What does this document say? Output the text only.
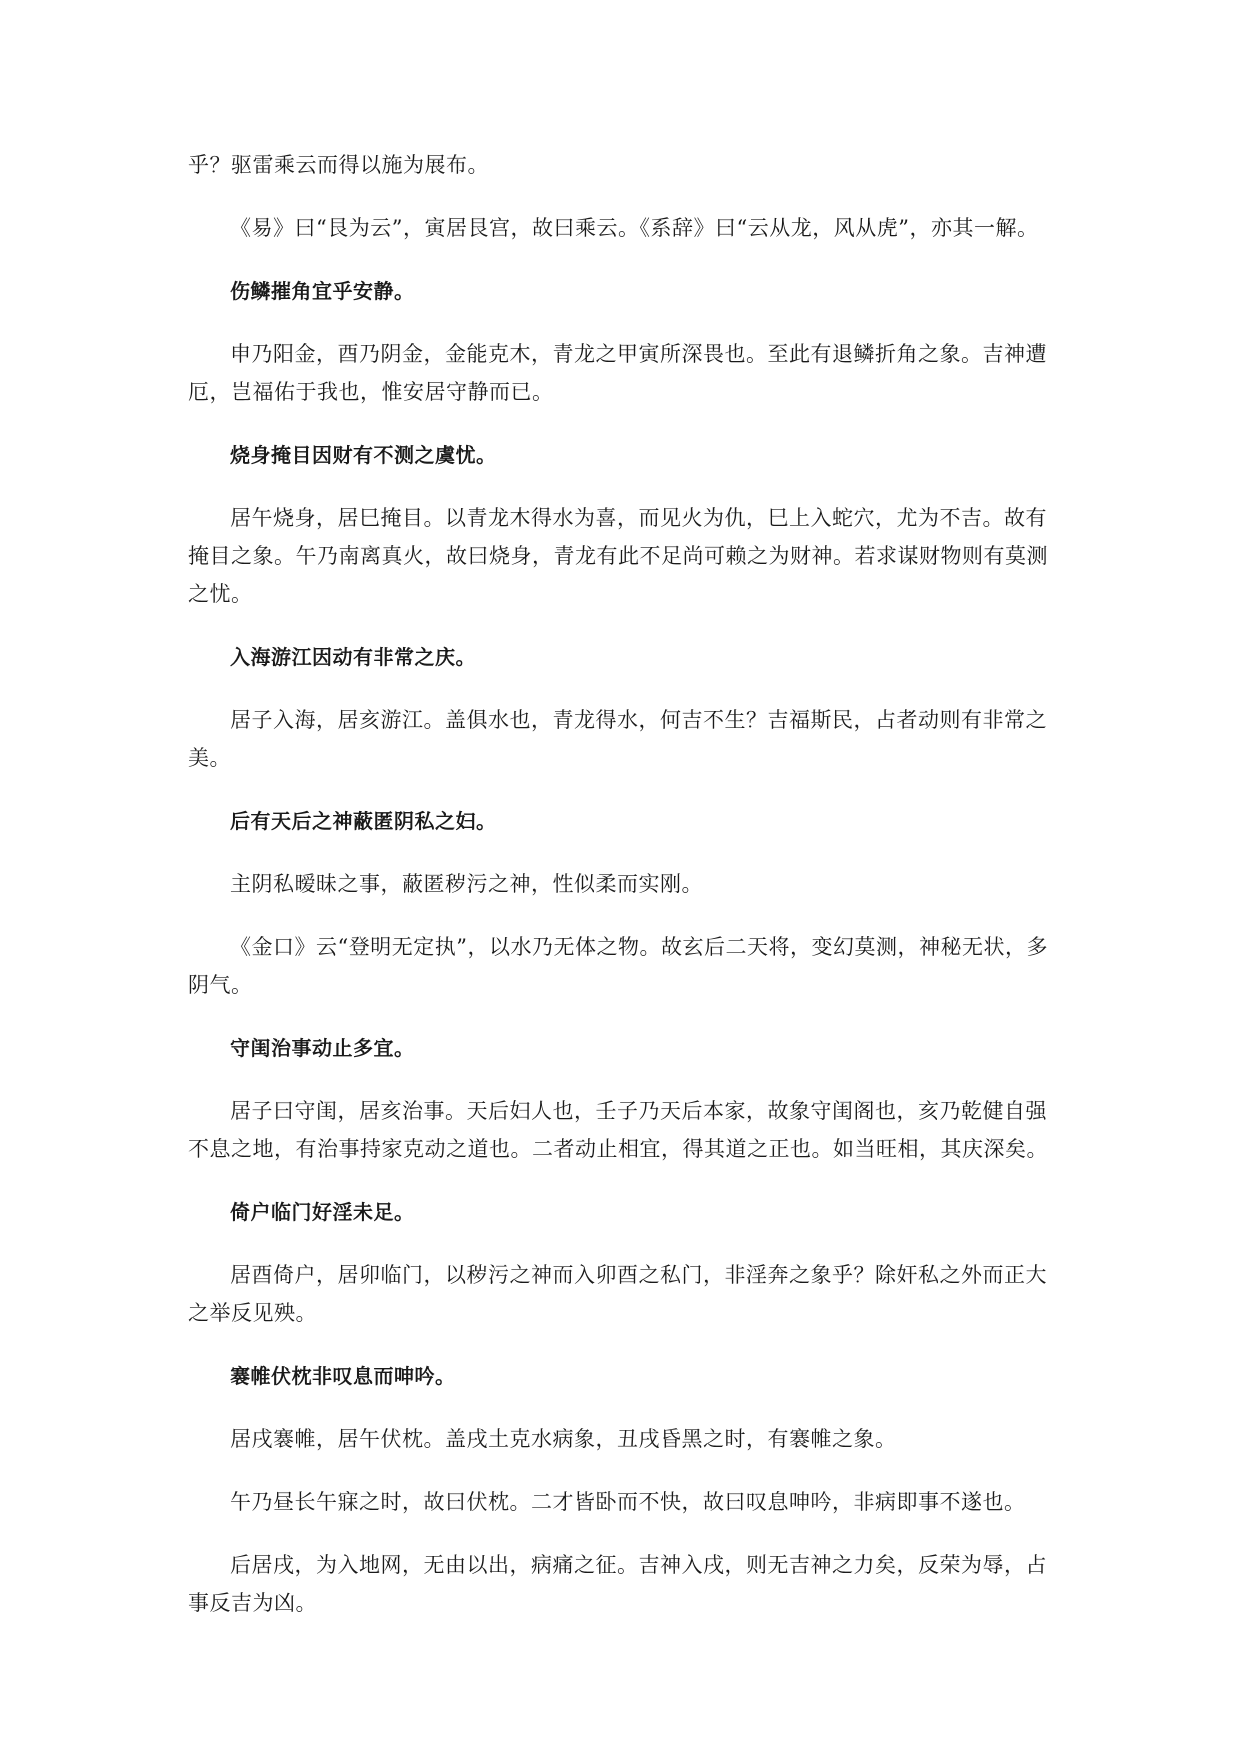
乎？驱雷乘云而得以施为展布。

《易》曰“艮为云”，寅居艮宫，故曰乘云。《系辞》曰“云从龙，风从虎”，亦其一解。

伤鳞摧角宜乎安静。

申乃阳金，酉乃阴金，金能克木，青龙之甲寅所深畏也。至此有退鳞折角之象。吉神遭厄，岂福佑于我也，惟安居守静而已。

烧身掩目因财有不测之虞忧。

居午烧身，居巳掩目。以青龙木得水为喜，而见火为仇，巳上入蛇穴，尤为不吉。故有掩目之象。午乃南离真火，故曰烧身，青龙有此不足尚可赖之为财神。若求谋财物则有莫测之忧。

入海游江因动有非常之庆。

居子入海，居亥游江。盖俱水也，青龙得水，何吉不生？吉福斯民，占者动则有非常之美。

后有天后之神蔽匿阴私之妇。

主阴私暧昧之事，蔽匿秽污之神，性似柔而实刚。

《金口》云“登明无定执”，以水乃无体之物。故玄后二天将，变幻莫测，神秘无状，多阴气。

守闺治事动止多宜。

居子曰守闺，居亥治事。天后妇人也，壬子乃天后本家，故象守闺阁也，亥乃乾健自强不息之地，有治事持家克动之道也。二者动止相宜，得其道之正也。如当旺相，其庆深矣。

倚户临门好淫未足。

居酉倚户，居卯临门，以秽污之神而入卯酉之私门，非淫奔之象乎？除奸私之外而正大之举反见殃。

褰帷伏枕非叹息而呻吟。

居戌褰帷，居午伏枕。盖戌土克水病象，丑戌昏黑之时，有褰帷之象。

午乃昼长午寐之时，故曰伏枕。二才皆卧而不快，故曰叹息呻吟，非病即事不遂也。

后居戌，为入地网，无由以出，病痛之征。吉神入戌，则无吉神之力矣，反荣为辱，占事反吉为凶。
